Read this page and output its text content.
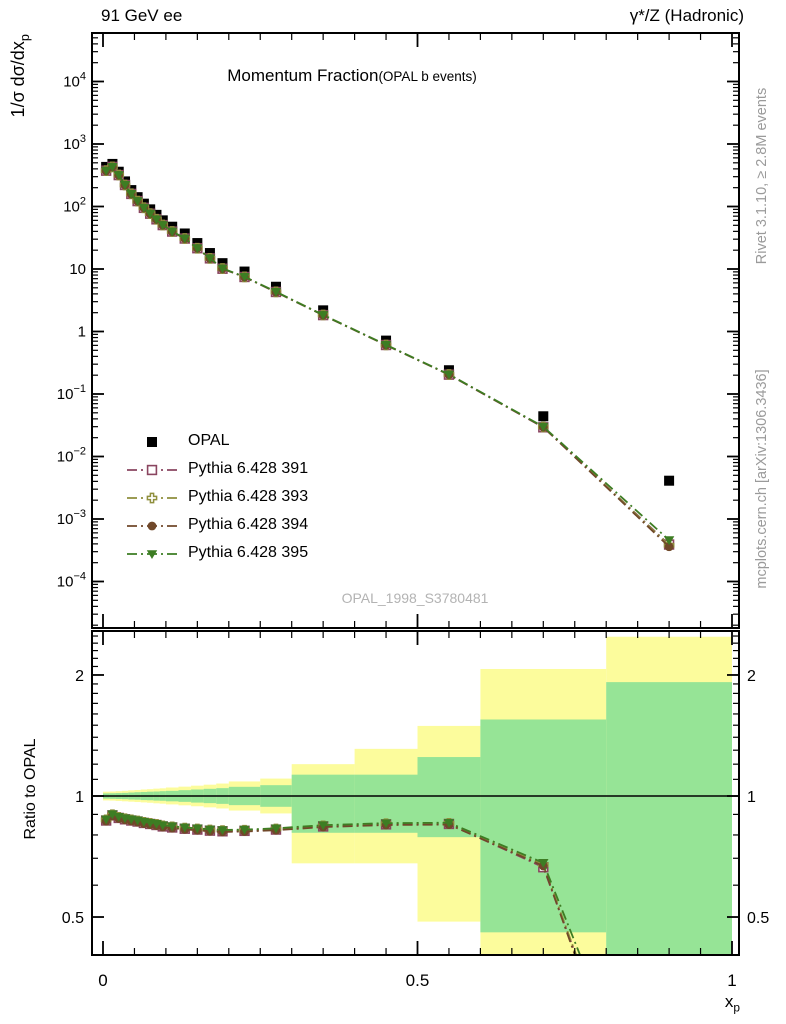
$10^4$
$10^3$
$10^2$
10
1
$10^{-1}$
$10^{-2}$
$10^{-3}$
$10^{-4}$
2	2
1	1
0.5	0.5
0	0.5	1
91 GeV ee	γ*/Z (Hadronic)
Momentum Fraction(OPAL b events)
1/σ $d\sigma/dx_p$
Ratio to OPAL
Rivet 3.1.10, ≥ 2.8M events
mcplots.cern.ch [arXiv:1306.3436]
OPAL_1998_S3780481
OPAL
Pythia 6.428 391
Pythia 6.428 393
Pythia 6.428 394
Pythia 6.428 395
$x_p$
